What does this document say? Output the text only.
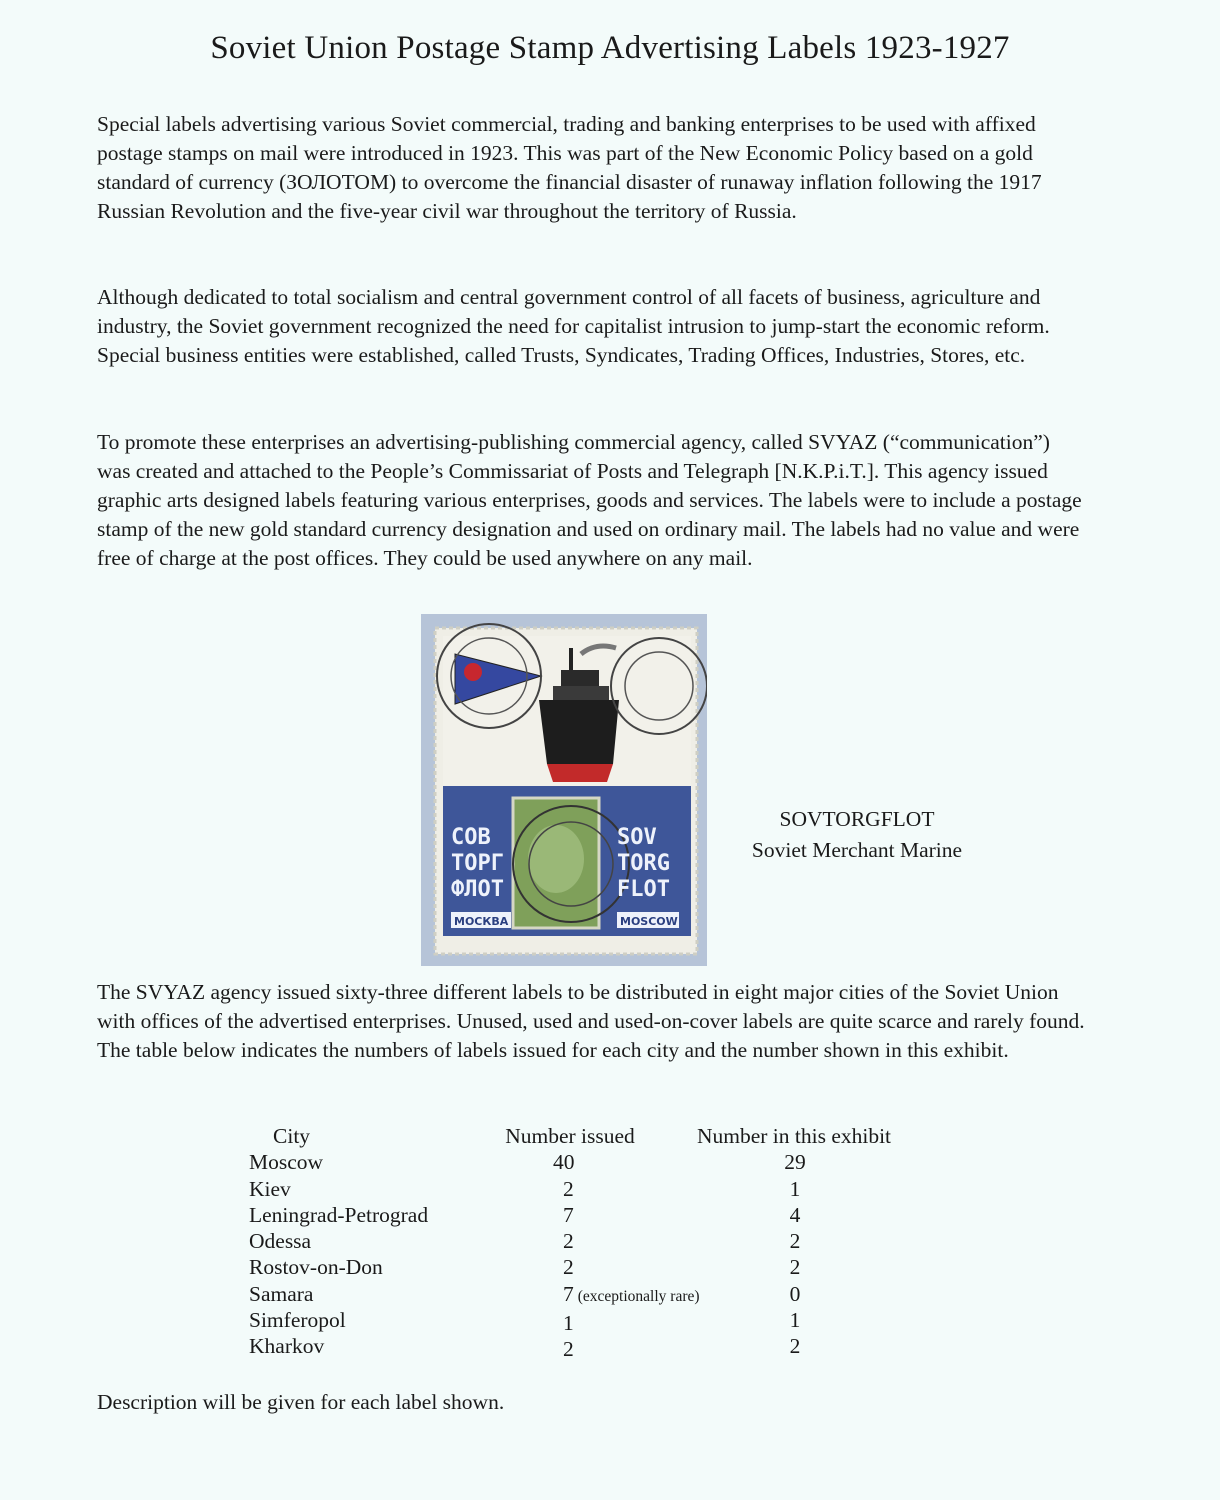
Soviet Union Postage Stamp Advertising Labels 1923-1927

Special labels advertising various Soviet commercial, trading and banking enterprises to be used with affixed postage stamps on mail were introduced in 1923. This was part of the New Economic Policy based on a gold standard of currency (ЗОЛОТОМ) to overcome the financial disaster of runaway inflation following the 1917 Russian Revolution and the five-year civil war throughout the territory of Russia.

Although dedicated to total socialism and central government control of all facets of business, agriculture and industry, the Soviet government recognized the need for capitalist intrusion to jump-start the economic reform. Special business entities were established, called Trusts, Syndicates, Trading Offices, Industries, Stores, etc.

To promote these enterprises an advertising-publishing commercial agency, called SVYAZ (“communication”) was created and attached to the People’s Commissariat of Posts and Telegraph [N.K.P.i.T.]. This agency issued graphic arts designed labels featuring various enterprises, goods and services. The labels were to include a postage stamp of the new gold standard currency designation and used on ordinary mail. The labels had no value and were free of charge at the post offices. They could be used anywhere on any mail.

СОВ
ТОРГ
ФЛОТ
SOV
TORG
FLOT
МОСКВА	MOSCOW
SOVTORGFLOT
Soviet Merchant Marine

The SVYAZ agency issued sixty-three different labels to be distributed in eight major cities of the Soviet Union with offices of the advertised enterprises. Unused, used and used-on-cover labels are quite scarce and rarely found. The table below indicates the numbers of labels issued for each city and the number shown in this exhibit.

City
Moscow
Kiev
Leningrad-Petrograd
Odessa
Rostov-on-Don
Samara
Simferopol
Kharkov
Number issued
40
2
7
2
2
7 (exceptionally rare)
1
2
Number in this exhibit
29
1
4
2
2
0
1
2

Description will be given for each label shown.
